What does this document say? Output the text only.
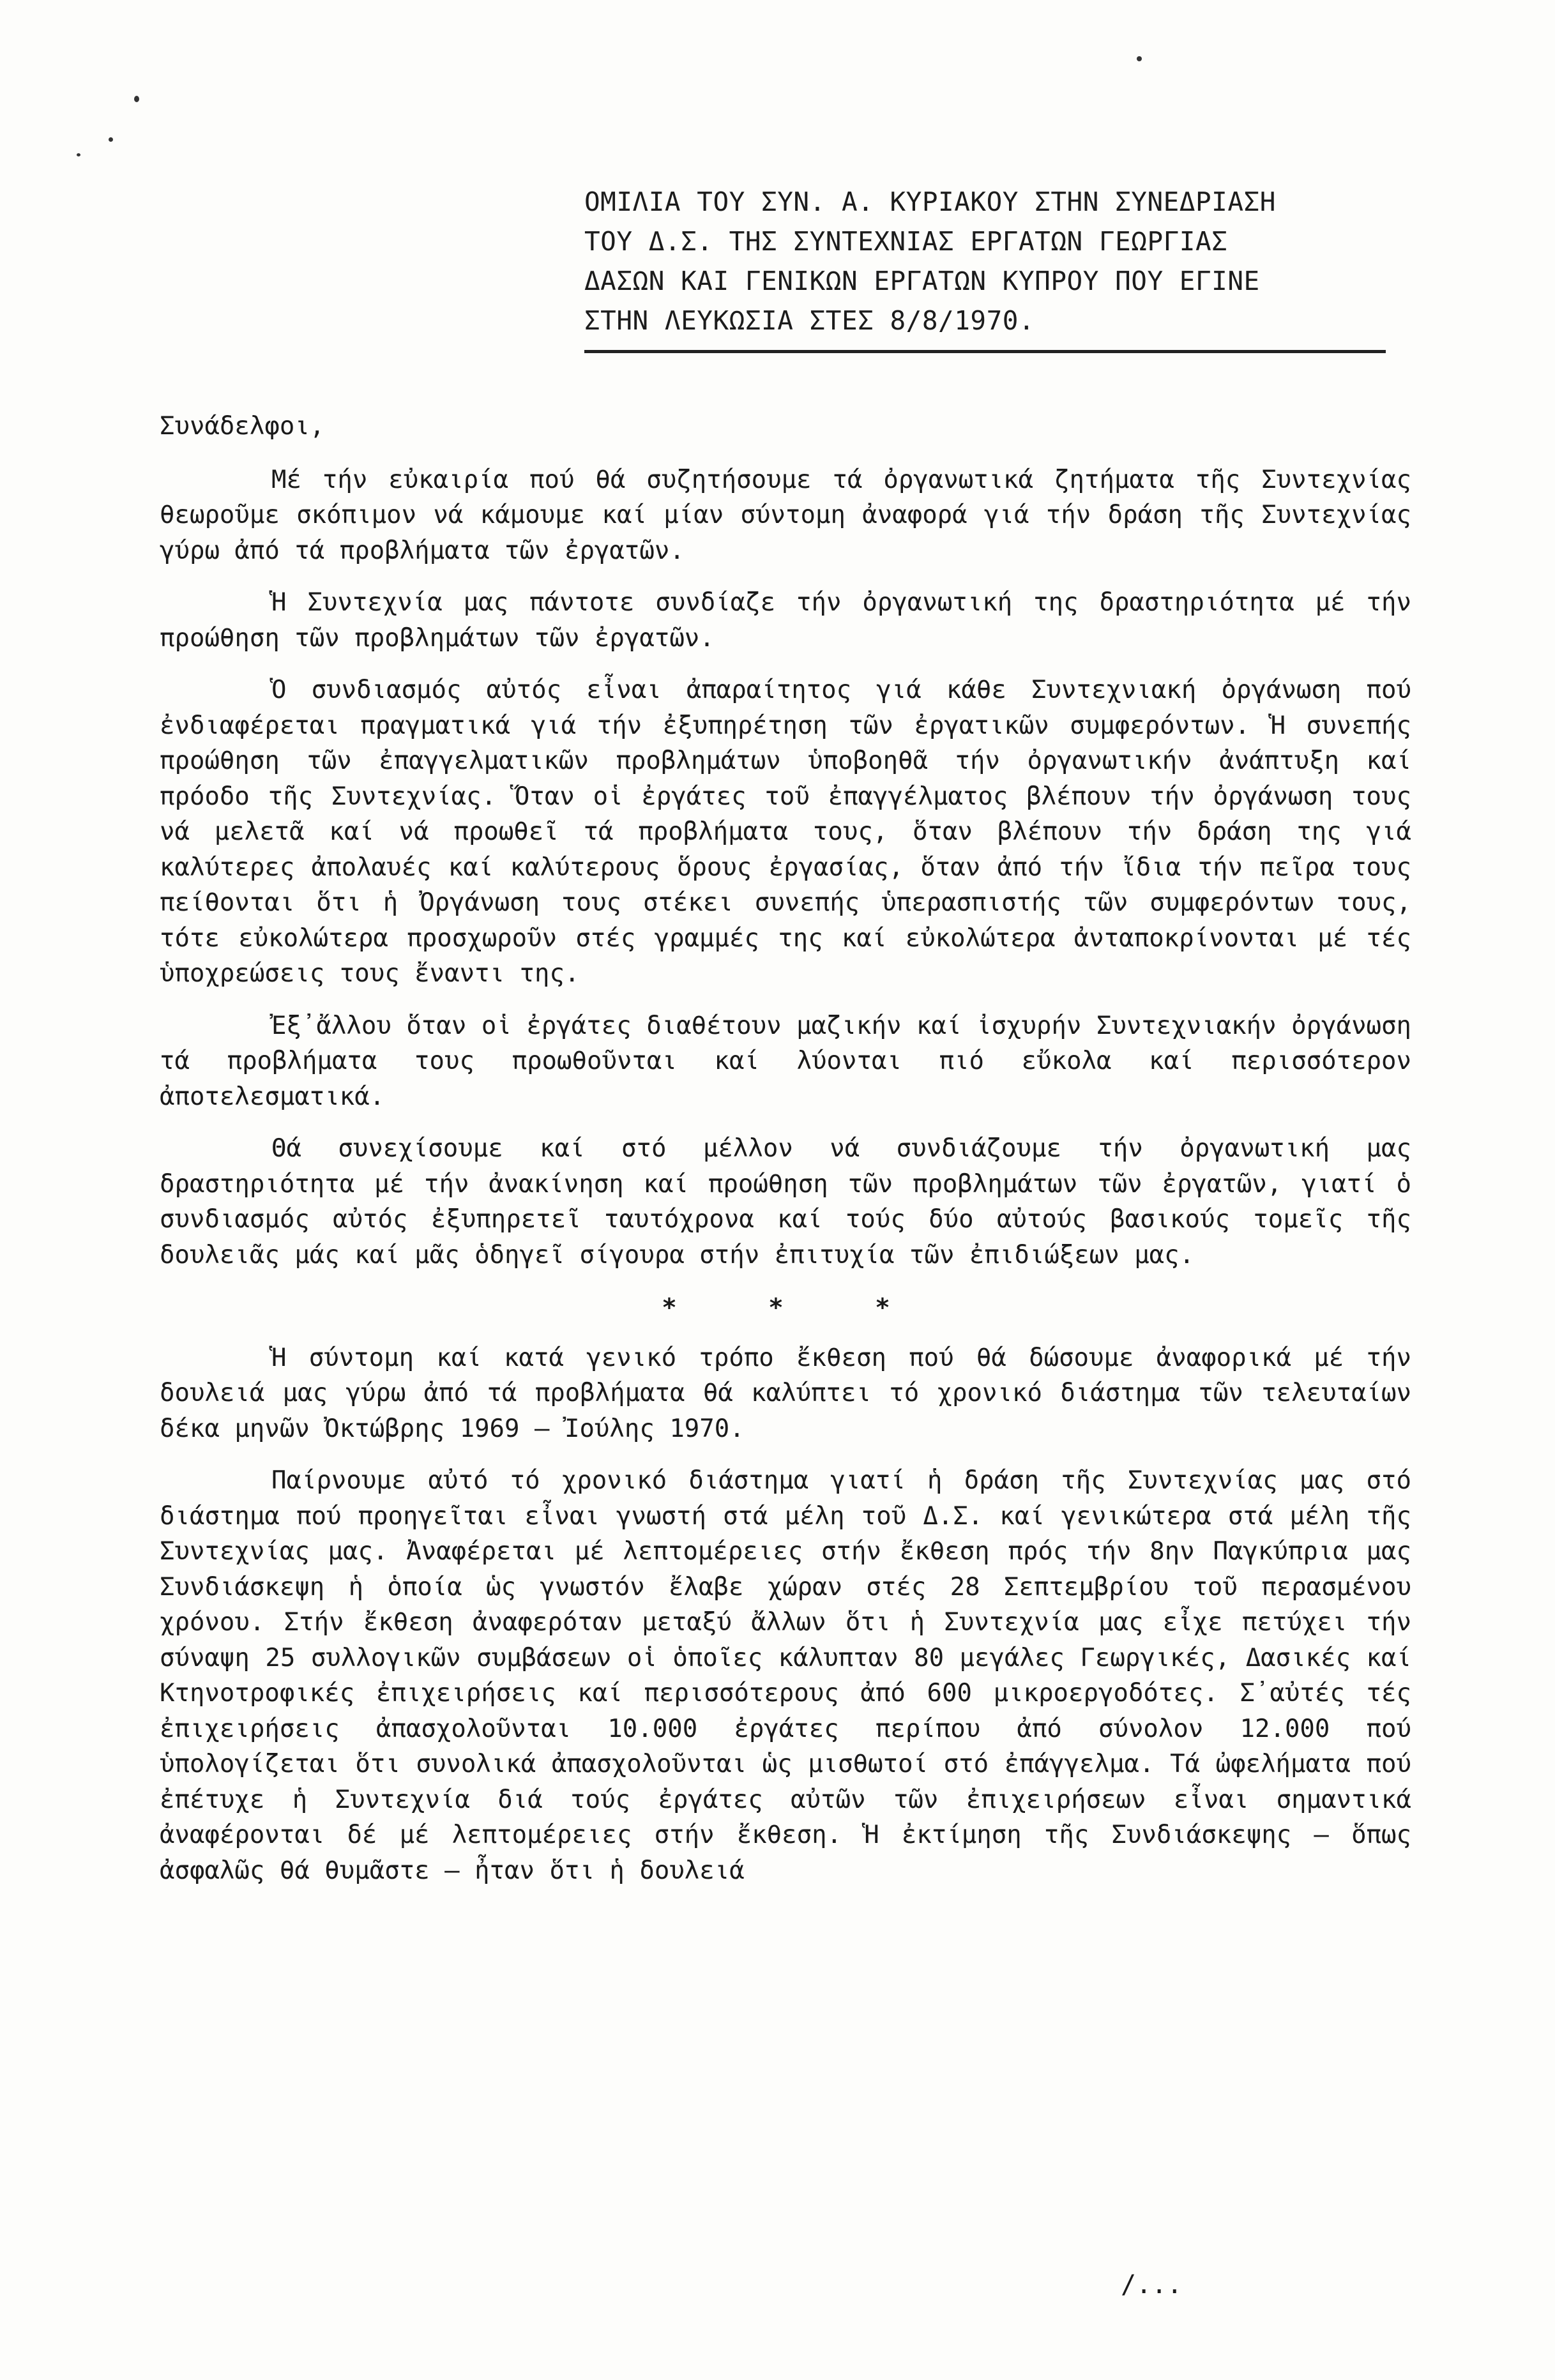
ΟΜΙΛΙΑ ΤΟΥ ΣΥΝ. Α. ΚΥΡΙΑΚΟΥ ΣΤΗΝ ΣΥΝΕΔΡΙΑΣΗ
ΤΟΥ Δ.Σ. ΤΗΣ ΣΥΝΤΕΧΝΙΑΣ ΕΡΓΑΤΩΝ ΓΕΩΡΓΙΑΣ
ΔΑΣΩΝ ΚΑΙ ΓΕΝΙΚΩΝ ΕΡΓΑΤΩΝ ΚΥΠΡΟΥ ΠΟΥ ΕΓΙΝΕ
ΣΤΗΝ ΛΕΥΚΩΣΙΑ ΣΤΕΣ 8/8/1970.
Συνάδελφοι,

Μέ τήν εὐκαιρία πού θά συζητήσουμε τά ὀργανωτικά ζητήματα τῆς Συντεχνίας θεωροῦμε σκόπιμον νά κάμουμε καί μίαν σύντομη ἀναφορά γιά τήν δράση τῆς Συντεχνίας γύρω ἀπό τά προβλήματα τῶν ἐργατῶν.

Ἡ Συντεχνία μας πάντοτε συνδίαζε τήν ὀργανωτική της δραστηριότητα μέ τήν προώθηση τῶν προβλημάτων τῶν ἐργατῶν.

Ὁ συνδιασμός αὐτός εἶναι ἀπαραίτητος γιά κάθε Συντεχνιακή ὀργάνωση πού ἐνδιαφέρεται πραγματικά γιά τήν ἐξυπηρέτηση τῶν ἐργατικῶν συμφερόντων. Ἡ συνεπής προώθηση τῶν ἐπαγγελματικῶν προβλημάτων ὑποβοηθᾶ τήν ὀργανωτικήν ἀνάπτυξη καί πρόοδο τῆς Συντεχνίας. Ὅταν οἱ ἐργάτες τοῦ ἐπαγγέλματος βλέπουν τήν ὀργάνωση τους νά μελετᾶ καί νά προωθεῖ τά προβλήματα τους, ὅταν βλέπουν τήν δράση της γιά καλύτερες ἀπολαυές καί καλύτερους ὅρους ἐργασίας, ὅταν ἀπό τήν ἴδια τήν πεῖρα τους πείθονται ὅτι ἡ Ὀργάνωση τους στέκει συνεπής ὑπερασπιστής τῶν συμφερόντων τους, τότε εὐκολώτερα προσχωροῦν στές γραμμές της καί εὐκολώτερα ἀνταποκρίνονται μέ τές ὑποχρεώσεις τους ἔναντι της.

Ἐξ᾽ἄλλου ὅταν οἱ ἐργάτες διαθέτουν μαζικήν καί ἰσχυρήν Συντεχνιακήν ὀργάνωση τά προβλήματα τους προωθοῦνται καί λύονται πιό εὔκολα καί περισσότερον ἀποτελεσματικά.

Θά συνεχίσουμε καί στό μέλλον νά συνδιάζουμε τήν ὀργανωτική μας δραστηριότητα μέ τήν ἀνακίνηση καί προώθηση τῶν προβλημάτων τῶν ἐργατῶν, γιατί ὁ συνδιασμός αὐτός ἐξυπηρετεῖ ταυτόχρονα καί τούς δύο αὐτούς βασικούς τομεῖς τῆς δουλειᾶς μάς καί μᾶς ὁδηγεῖ σίγουρα στήν ἐπιτυχία τῶν ἐπιδιώξεων μας.

* * *

Ἡ σύντομη καί κατά γενικό τρόπο ἔκθεση πού θά δώσουμε ἀναφορικά μέ τήν δουλειά μας γύρω ἀπό τά προβλήματα θά καλύπτει τό χρονικό διάστημα τῶν τελευταίων δέκα μηνῶν Ὀκτώβρης 1969 – Ἰούλης 1970.

Παίρνουμε αὐτό τό χρονικό διάστημα γιατί ἡ δράση τῆς Συντεχνίας μας στό διάστημα πού προηγεῖται εἶναι γνωστή στά μέλη τοῦ Δ.Σ. καί γενικώτερα στά μέλη τῆς Συντεχνίας μας. Ἀναφέρεται μέ λεπτομέρειες στήν ἔκθεση πρός τήν 8ην Παγκύπρια μας Συνδιάσκεψη ἡ ὁποία ὡς γνωστόν ἔλαβε χώραν στές 28 Σεπτεμβρίου τοῦ περασμένου χρόνου. Στήν ἔκθεση ἀναφερόταν μεταξύ ἄλλων ὅτι ἡ Συντεχνία μας εἶχε πετύχει τήν σύναψη 25 συλλογικῶν συμβάσεων οἱ ὁποῖες κάλυπταν 80 μεγάλες Γεωργικές, Δασικές καί Κτηνοτροφικές ἐπιχειρήσεις καί περισσότερους ἀπό 600 μικροεργοδότες. Σ᾽αὐτές τές ἐπιχειρήσεις ἀπασχολοῦνται 10.000 ἐργάτες περίπου ἀπό σύνολον 12.000 πού ὑπολογίζεται ὅτι συνολικά ἀπασχολοῦνται ὡς μισθωτοί στό ἐπάγγελμα. Τά ὠφελήματα πού ἐπέτυχε ἡ Συντεχνία διά τούς ἐργάτες αὐτῶν τῶν ἐπιχειρήσεων εἶναι σημαντικά ἀναφέρονται δέ μέ λεπτομέρειες στήν ἔκθεση. Ἡ ἐκτίμηση τῆς Συνδιάσκεψης – ὅπως ἀσφαλῶς θά θυμᾶστε – ἦταν ὅτι ἡ δουλειά

/...
